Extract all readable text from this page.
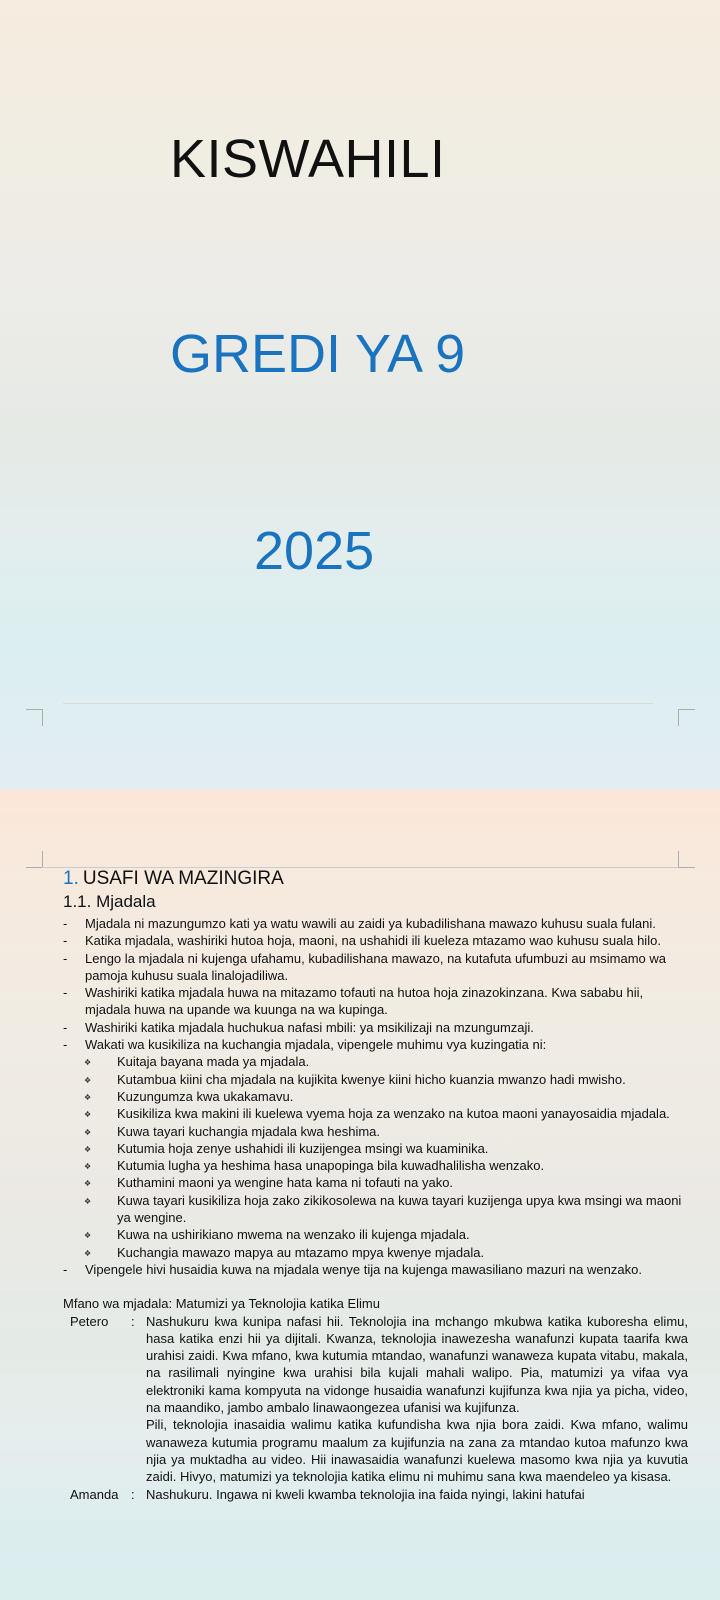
KISWAHILI
GREDI YA 9
2025
1. USAFI WA MAZINGIRA
1.1. Mjadala
- Mjadala ni mazungumzo kati ya watu wawili au zaidi ya kubadilishana mawazo kuhusu suala fulani.
- Katika mjadala, washiriki hutoa hoja, maoni, na ushahidi ili kueleza mtazamo wao kuhusu suala hilo.
- Lengo la mjadala ni kujenga ufahamu, kubadilishana mawazo, na kutafuta ufumbuzi au msimamo wa pamoja kuhusu suala linalojadiliwa.
- Washiriki katika mjadala huwa na mitazamo tofauti na hutoa hoja zinazokinzana. Kwa sababu hii, mjadala huwa na upande wa kuunga na wa kupinga.
- Washiriki katika mjadala huchukua nafasi mbili: ya msikilizaji na mzungumzaji.
- Wakati wa kusikiliza na kuchangia mjadala, vipengele muhimu vya kuzingatia ni:
❖ Kuitaja bayana mada ya mjadala.
❖ Kutambua kiini cha mjadala na kujikita kwenye kiini hicho kuanzia mwanzo hadi mwisho.
❖ Kuzungumza kwa ukakamavu.
❖ Kusikiliza kwa makini ili kuelewa vyema hoja za wenzako na kutoa maoni yanayosaidia mjadala.
❖ Kuwa tayari kuchangia mjadala kwa heshima.
❖ Kutumia hoja zenye ushahidi ili kuzijengea msingi wa kuaminika.
❖ Kutumia lugha ya heshima hasa unapopinga bila kuwadhalilisha wenzako.
❖ Kuthamini maoni ya wengine hata kama ni tofauti na yako.
❖ Kuwa tayari kusikiliza hoja zako zikikosolewa na kuwa tayari kuzijenga upya kwa msingi wa maoni ya wengine.
❖ Kuwa na ushirikiano mwema na wenzako ili kujenga mjadala.
❖ Kuchangia mawazo mapya au mtazamo mpya kwenye mjadala.
- Vipengele hivi husaidia kuwa na mjadala wenye tija na kujenga mawasiliano mazuri na wenzako.
Mfano wa mjadala: Matumizi ya Teknolojia katika Elimu
Petero	: Nashukuru kwa kunipa nafasi hii. Teknolojia ina mchango mkubwa katika kuboresha elimu, hasa katika enzi hii ya dijitali. Kwanza, teknolojia inawezesha wanafunzi kupata taarifa kwa urahisi zaidi. Kwa mfano, kwa kutumia mtandao, wanafunzi wanaweza kupata vitabu, makala, na rasilimali nyingine kwa urahisi bila kujali mahali walipo. Pia, matumizi ya vifaa vya elektroniki kama kompyuta na vidonge husaidia wanafunzi kujifunza kwa njia ya picha, video, na maandiko, jambo ambalo linawaongezea ufanisi wa kujifunza.
Pili, teknolojia inasaidia walimu katika kufundisha kwa njia bora zaidi. Kwa mfano, walimu wanaweza kutumia programu maalum za kujifunzia na zana za mtandao kutoa mafunzo kwa njia ya muktadha au video. Hii inawasaidia wanafunzi kuelewa masomo kwa njia ya kuvutia zaidi. Hivyo, matumizi ya teknolojia katika elimu ni muhimu sana kwa maendeleo ya kisasa.
Amanda : Nashukuru. Ingawa ni kweli kwamba teknolojia ina faida nyingi, lakini hatufai
